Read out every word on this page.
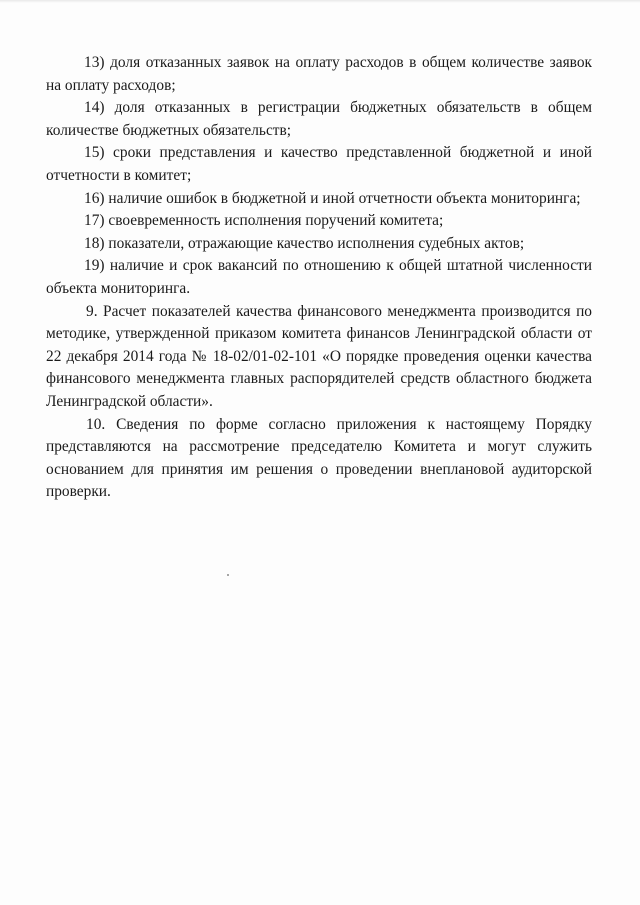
13) доля отказанных заявок на оплату расходов в общем количестве заявок на оплату расходов;

14) доля отказанных в регистрации бюджетных обязательств в общем количестве бюджетных обязательств;

15) сроки представления и качество представленной бюджетной и иной отчетности в комитет;

16) наличие ошибок в бюджетной и иной отчетности объекта мониторинга;

17) своевременность исполнения поручений комитета;

18) показатели, отражающие качество исполнения судебных актов;

19) наличие и срок вакансий по отношению к общей штатной численности объекта мониторинга.

9. Расчет показателей качества финансового менеджмента производится по методике, утвержденной приказом комитета финансов Ленинградской области от 22 декабря 2014 года № 18-02/01-02-101 «О порядке проведения оценки качества финансового менеджмента главных распорядителей средств областного бюджета Ленинградской области».

10. Сведения по форме согласно приложения к настоящему Порядку представляются на рассмотрение председателю Комитета и могут служить основанием для принятия им решения о проведении внеплановой аудиторской проверки.
